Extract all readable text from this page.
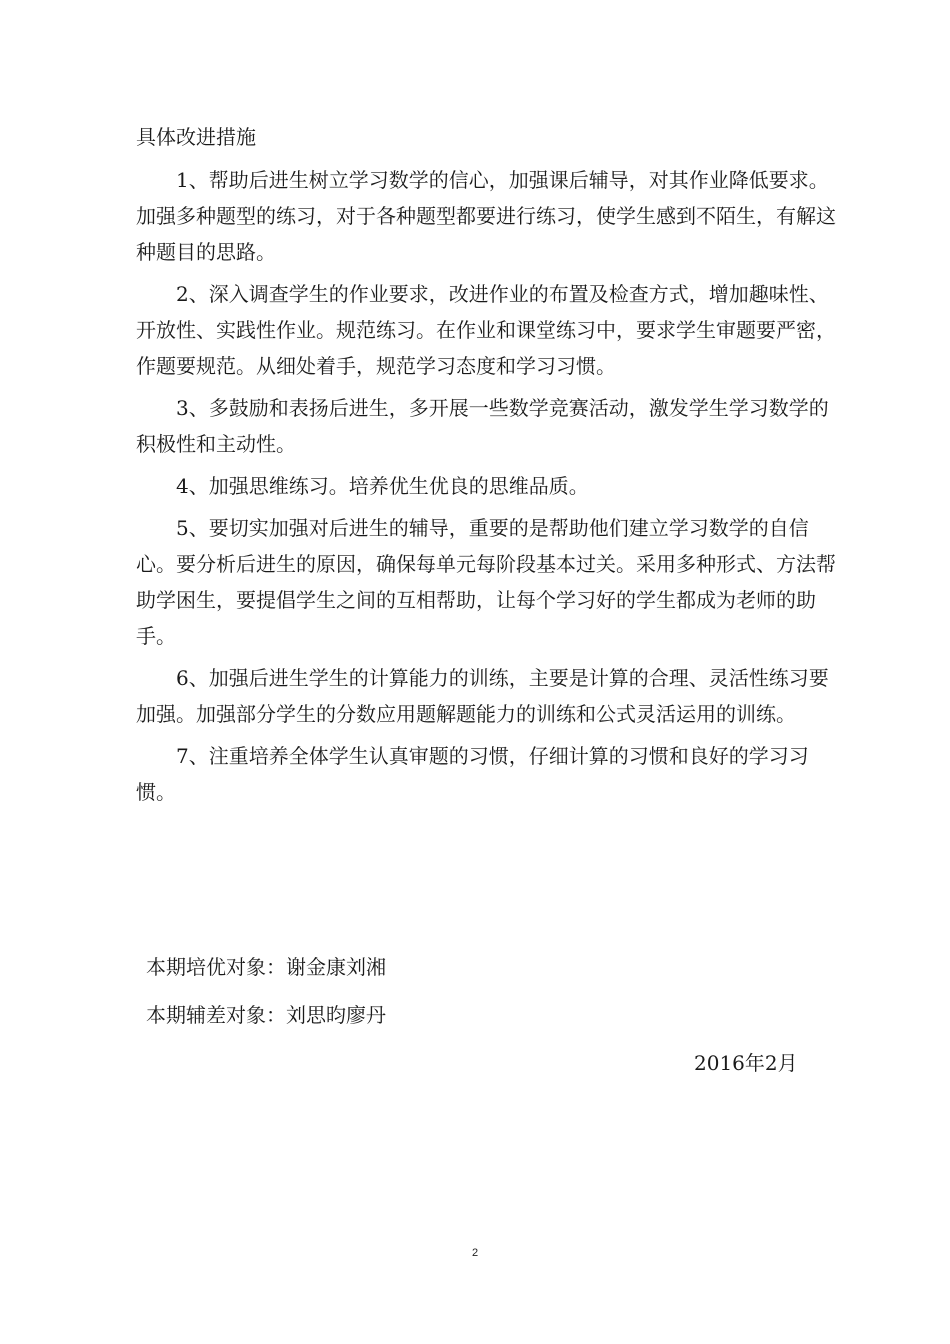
具体改进措施
1、帮助后进生树立学习数学的信心，加强课后辅导，对其作业降低要求。加强多种题型的练习，对于各种题型都要进行练习，使学生感到不陌生，有解这种题目的思路。
2、深入调查学生的作业要求，改进作业的布置及检查方式，增加趣味性、开放性、实践性作业。规范练习。在作业和课堂练习中，要求学生审题要严密，作题要规范。从细处着手，规范学习态度和学习习惯。
3、多鼓励和表扬后进生，多开展一些数学竞赛活动，激发学生学习数学的积极性和主动性。
4、加强思维练习。培养优生优良的思维品质。
5、要切实加强对后进生的辅导，重要的是帮助他们建立学习数学的自信心。要分析后进生的原因，确保每单元每阶段基本过关。采用多种形式、方法帮助学困生，要提倡学生之间的互相帮助，让每个学习好的学生都成为老师的助手。
6、加强后进生学生的计算能力的训练，主要是计算的合理、灵活性练习要加强。加强部分学生的分数应用题解题能力的训练和公式灵活运用的训练。
7、注重培养全体学生认真审题的习惯，仔细计算的习惯和良好的学习习惯。
本期培优对象：谢金康刘湘
本期辅差对象：刘思昀廖丹
2016年2月
2
